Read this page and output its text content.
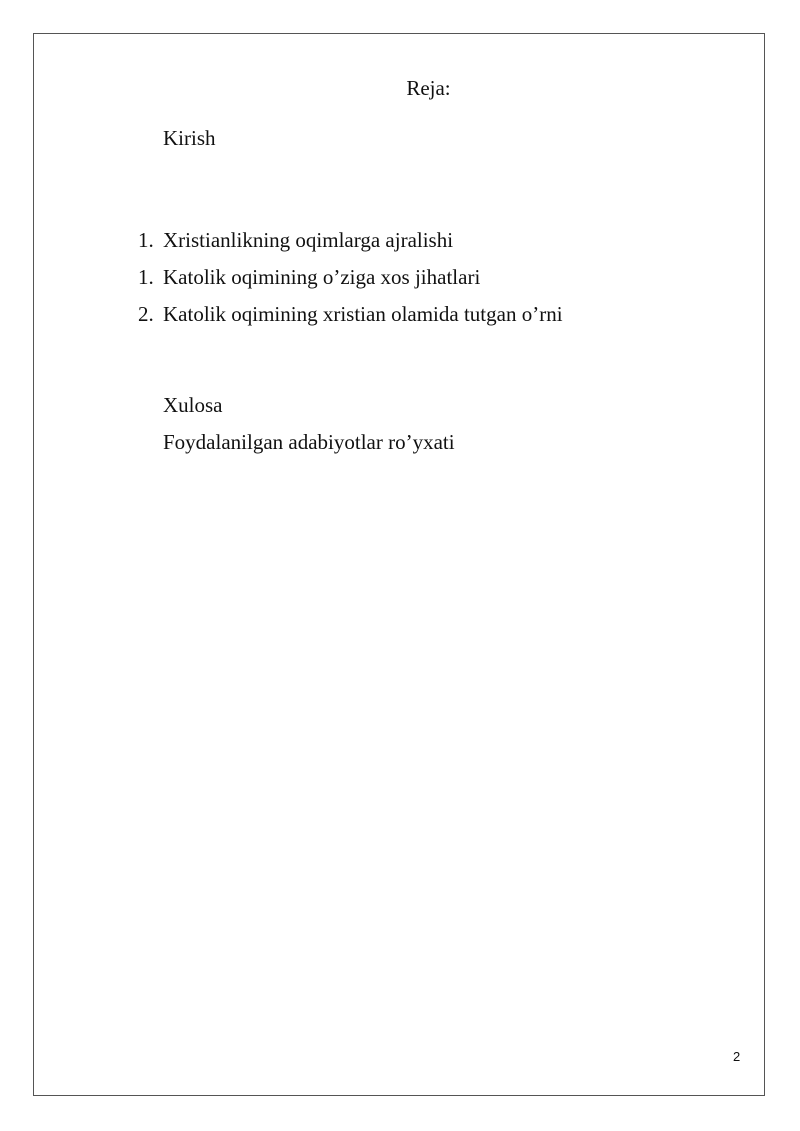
Reja:
Kirish
1. Xristianlikning oqimlarga ajralishi
1. Katolik oqimining o’ziga xos jihatlari
2. Katolik oqimining xristian olamida tutgan o’rni
Xulosa
Foydalanilgan adabiyotlar ro’yxati
2
